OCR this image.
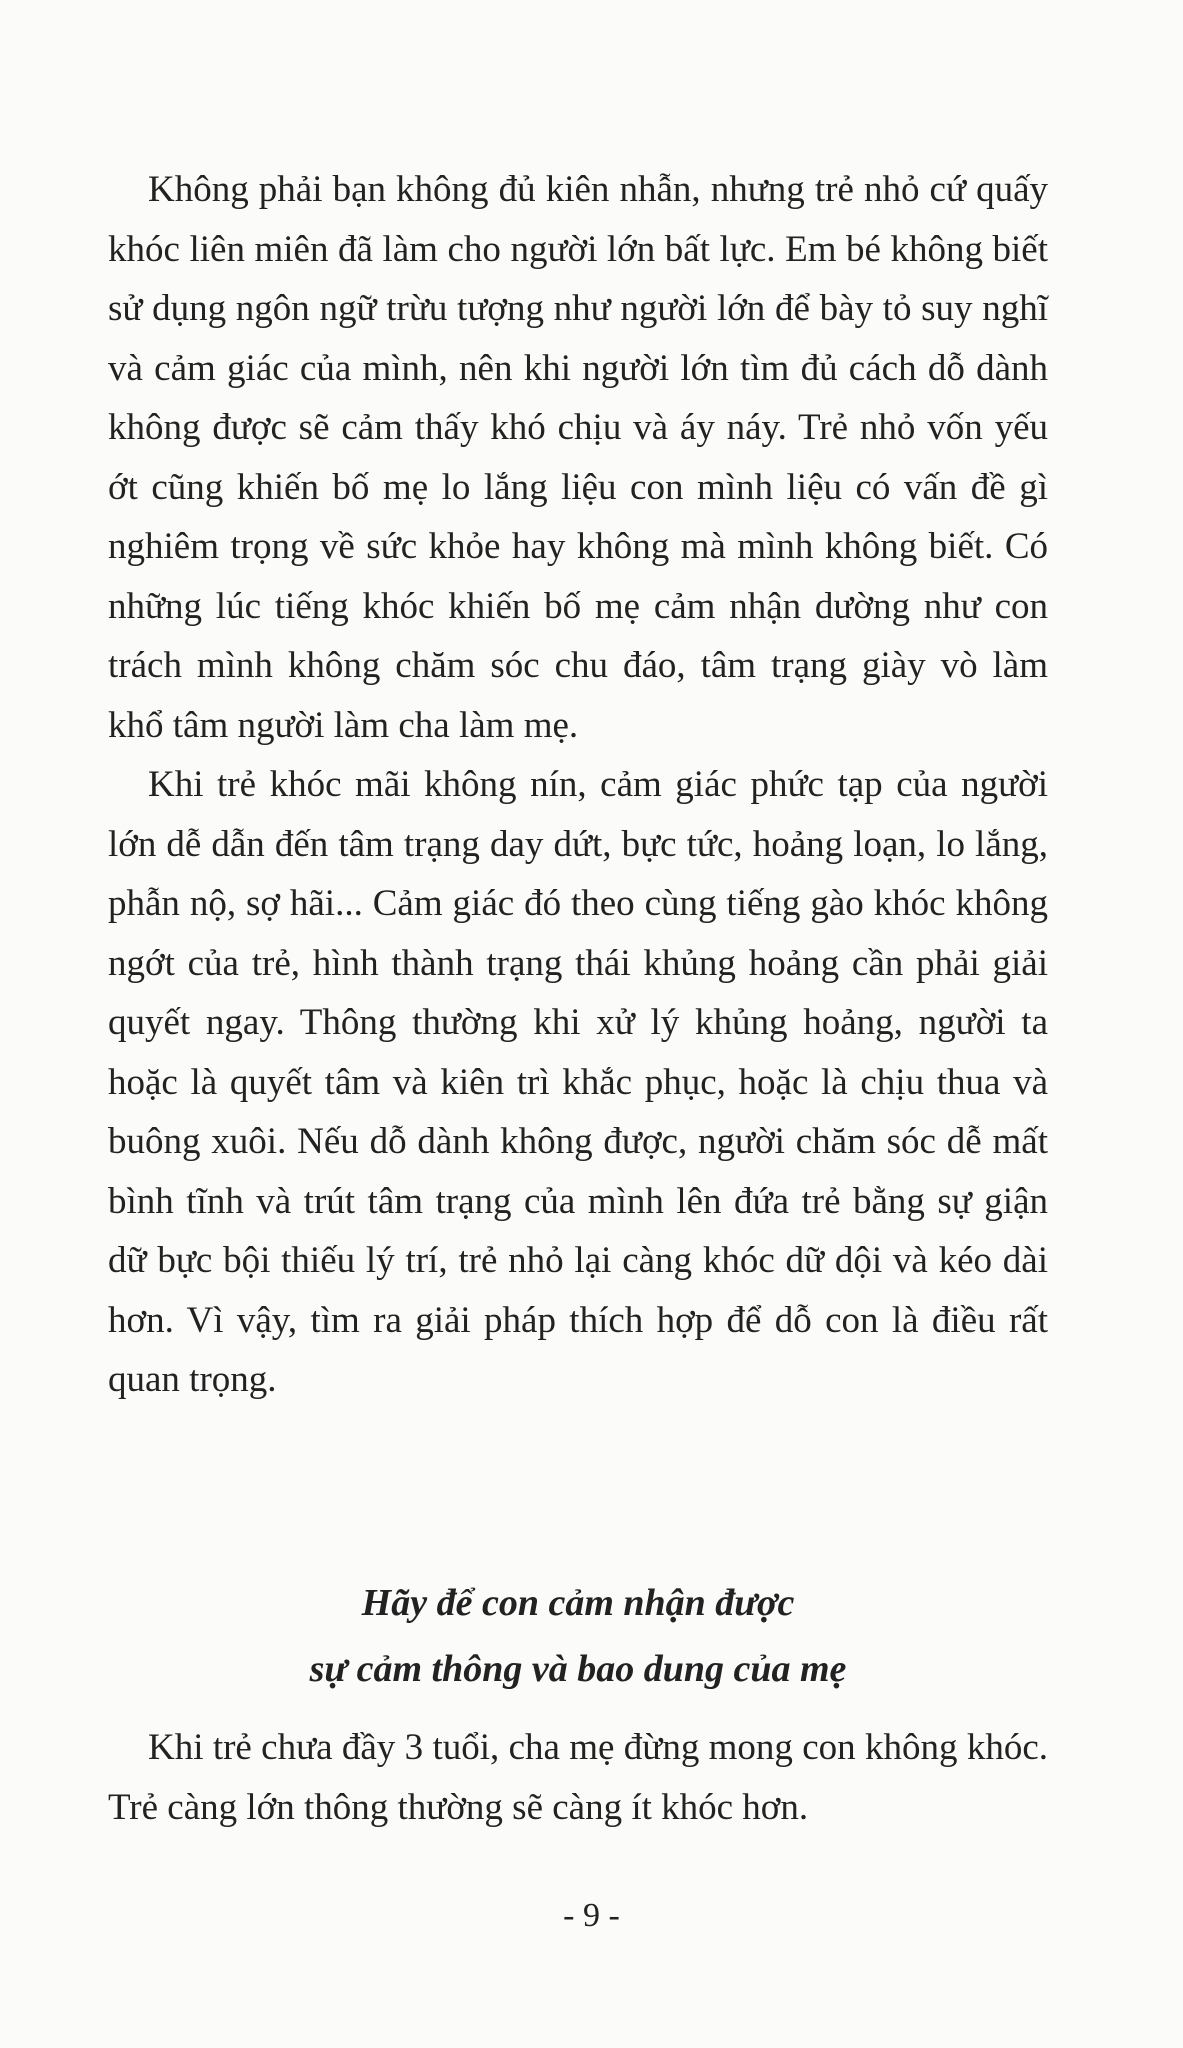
Không phải bạn không đủ kiên nhẫn, nhưng trẻ nhỏ cứ quấy khóc liên miên đã làm cho người lớn bất lực. Em bé không biết sử dụng ngôn ngữ trừu tượng như người lớn để bày tỏ suy nghĩ và cảm giác của mình, nên khi người lớn tìm đủ cách dỗ dành không được sẽ cảm thấy khó chịu và áy náy. Trẻ nhỏ vốn yếu ớt cũng khiến bố mẹ lo lắng liệu con mình liệu có vấn đề gì nghiêm trọng về sức khỏe hay không mà mình không biết. Có những lúc tiếng khóc khiến bố mẹ cảm nhận dường như con trách mình không chăm sóc chu đáo, tâm trạng giày vò làm khổ tâm người làm cha làm mẹ.

Khi trẻ khóc mãi không nín, cảm giác phức tạp của người lớn dễ dẫn đến tâm trạng day dứt, bực tức, hoảng loạn, lo lắng, phẫn nộ, sợ hãi... Cảm giác đó theo cùng tiếng gào khóc không ngớt của trẻ, hình thành trạng thái khủng hoảng cần phải giải quyết ngay. Thông thường khi xử lý khủng hoảng, người ta hoặc là quyết tâm và kiên trì khắc phục, hoặc là chịu thua và buông xuôi. Nếu dỗ dành không được, người chăm sóc dễ mất bình tĩnh và trút tâm trạng của mình lên đứa trẻ bằng sự giận dữ bực bội thiếu lý trí, trẻ nhỏ lại càng khóc dữ dội và kéo dài hơn. Vì vậy, tìm ra giải pháp thích hợp để dỗ con là điều rất quan trọng.

Hãy để con cảm nhận được
sự cảm thông và bao dung của mẹ

Khi trẻ chưa đầy 3 tuổi, cha mẹ đừng mong con không khóc. Trẻ càng lớn thông thường sẽ càng ít khóc hơn.

- 9 -
